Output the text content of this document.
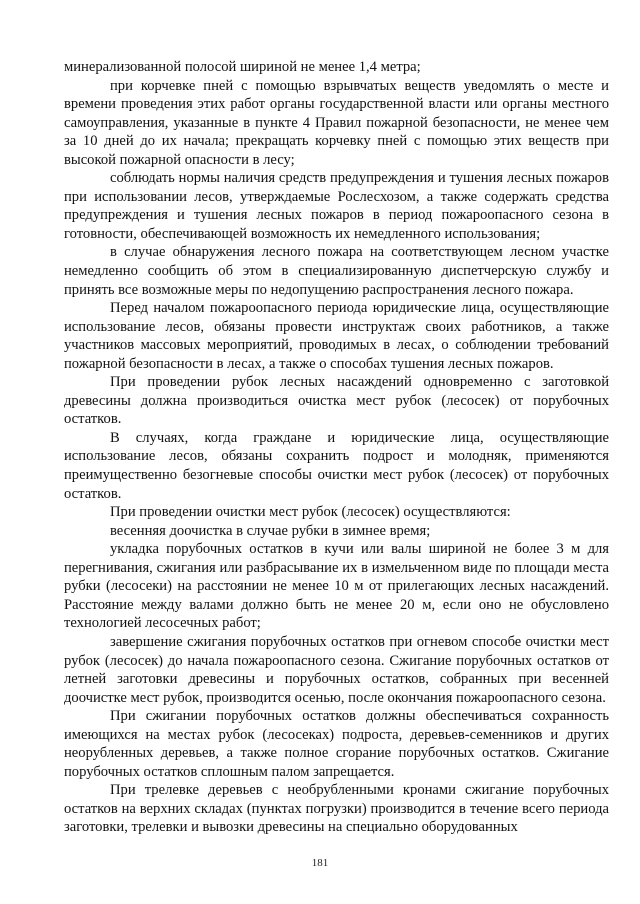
минерализованной полосой шириной не менее 1,4 метра;

при корчевке пней с помощью взрывчатых веществ уведомлять о месте и времени проведения этих работ органы государственной власти или органы местного самоуправления, указанные в пункте 4 Правил пожарной безопасности, не менее чем за 10 дней до их начала; прекращать корчевку пней с помощью этих веществ при высокой пожарной опасности в лесу;

соблюдать нормы наличия средств предупреждения и тушения лесных пожаров при использовании лесов, утверждаемые Рослесхозом, а также содержать средства предупреждения и тушения лесных пожаров в период пожароопасного сезона в готовности, обеспечивающей возможность их немедленного использования;

в случае обнаружения лесного пожара на соответствующем лесном участке немедленно сообщить об этом в специализированную диспетчерскую службу и принять все возможные меры по недопущению распространения лесного пожара.

Перед началом пожароопасного периода юридические лица, осуществляющие использование лесов, обязаны провести инструктаж своих работников, а также участников массовых мероприятий, проводимых в лесах, о соблюдении требований пожарной безопасности в лесах, а также о способах тушения лесных пожаров.

При проведении рубок лесных насаждений одновременно с заготовкой древесины должна производиться очистка мест рубок (лесосек) от порубочных остатков.

В случаях, когда граждане и юридические лица, осуществляющие использование лесов, обязаны сохранить подрост и молодняк, применяются преимущественно безогневые способы очистки мест рубок (лесосек) от порубочных остатков.

При проведении очистки мест рубок (лесосек) осуществляются:

весенняя доочистка в случае рубки в зимнее время;

укладка порубочных остатков в кучи или валы шириной не более 3 м для перегнивания, сжигания или разбрасывание их в измельченном виде по площади места рубки (лесосеки) на расстоянии не менее 10 м от прилегающих лесных насаждений. Расстояние между валами должно быть не менее 20 м, если оно не обусловлено технологией лесосечных работ;

завершение сжигания порубочных остатков при огневом способе очистки мест рубок (лесосек) до начала пожароопасного сезона. Сжигание порубочных остатков от летней заготовки древесины и порубочных остатков, собранных при весенней доочистке мест рубок, производится осенью, после окончания пожароопасного сезона.

При сжигании порубочных остатков должны обеспечиваться сохранность имеющихся на местах рубок (лесосеках) подроста, деревьев-семенников и других неорубленных деревьев, а также полное сгорание порубочных остатков. Сжигание порубочных остатков сплошным палом запрещается.

При трелевке деревьев с необрубленными кронами сжигание порубочных остатков на верхних складах (пунктах погрузки) производится в течение всего периода заготовки, трелевки и вывозки древесины на специально оборудованных

181
